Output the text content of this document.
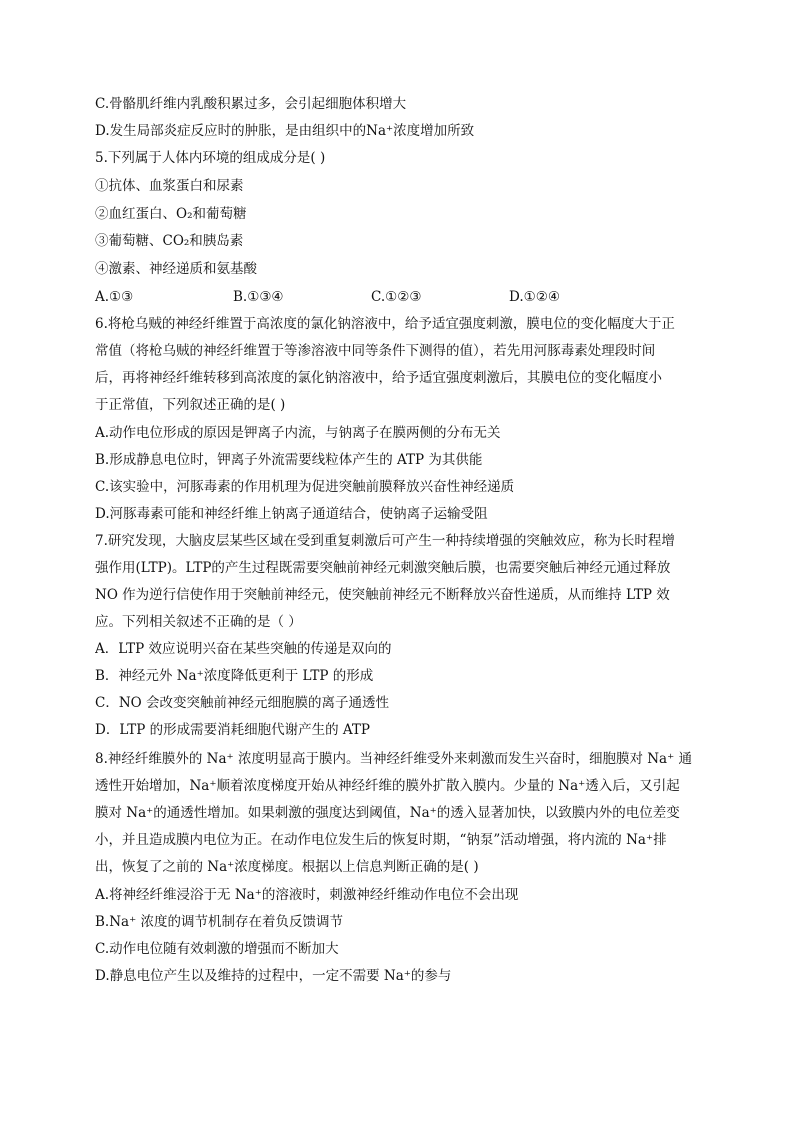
C.骨骼肌纤维内乳酸积累过多，会引起细胞体积增大
D.发生局部炎症反应时的肿胀，是由组织中的Na⁺浓度增加所致
5.下列属于人体内环境的组成成分是( )
①抗体、血浆蛋白和尿素
②血红蛋白、O₂和葡萄糖
③葡萄糖、CO₂和胰岛素
④激素、神经递质和氨基酸
A.①③	B.①③④	C.①②③	D.①②④
6.将枪乌贼的神经纤维置于高浓度的氯化钠溶液中，给予适宜强度刺激，膜电位的变化幅度大于正
常值（将枪乌贼的神经纤维置于等渗溶液中同等条件下测得的值），若先用河豚毒素处理段时间
后，再将神经纤维转移到高浓度的氯化钠溶液中，给予适宜强度刺激后，其膜电位的变化幅度小
于正常值，下列叙述正确的是( )
A.动作电位形成的原因是钾离子内流，与钠离子在膜两侧的分布无关
B.形成静息电位时，钾离子外流需要线粒体产生的 ATP 为其供能
C.该实验中，河豚毒素的作用机理为促进突触前膜释放兴奋性神经递质
D.河豚毒素可能和神经纤维上钠离子通道结合，使钠离子运输受阻
7.研究发现，大脑皮层某些区域在受到重复刺激后可产生一种持续增强的突触效应，称为长时程增
强作用(LTP)。LTP的产生过程既需要突触前神经元刺激突触后膜，也需要突触后神经元通过释放
NO 作为逆行信使作用于突触前神经元，使突触前神经元不断释放兴奋性递质，从而维持 LTP 效
应。下列相关叙述不正确的是（ ）
A．LTP 效应说明兴奋在某些突触的传递是双向的
B．神经元外 Na⁺浓度降低更利于 LTP 的形成
C．NO 会改变突触前神经元细胞膜的离子通透性
D．LTP 的形成需要消耗细胞代谢产生的 ATP
8.神经纤维膜外的 Na⁺ 浓度明显高于膜内。当神经纤维受外来刺激而发生兴奋时，细胞膜对 Na⁺ 通
透性开始增加，Na⁺顺着浓度梯度开始从神经纤维的膜外扩散入膜内。少量的 Na⁺透入后，又引起
膜对 Na⁺的通透性增加。如果刺激的强度达到阈值，Na⁺的透入显著加快，以致膜内外的电位差变
小，并且造成膜内电位为正。在动作电位发生后的恢复时期，“钠泵”活动增强，将内流的 Na⁺排
出，恢复了之前的 Na⁺浓度梯度。根据以上信息判断正确的是( )
A.将神经纤维浸浴于无 Na⁺的溶液时，刺激神经纤维动作电位不会出现
B.Na⁺ 浓度的调节机制存在着负反馈调节
C.动作电位随有效刺激的增强而不断加大
D.静息电位产生以及维持的过程中，一定不需要 Na⁺的参与
